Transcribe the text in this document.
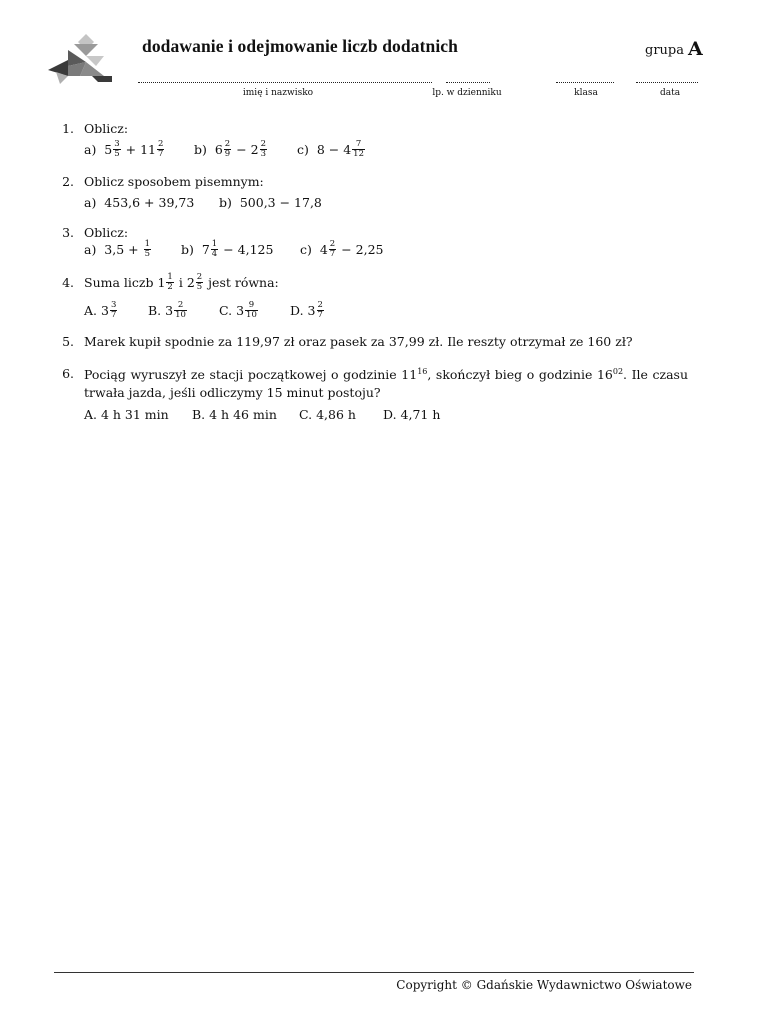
dodawanie i odejmowanie liczb dodatnich	grupa A
imię i nazwisko	lp. w dzienniku	klasa	data
1. Oblicz:
a) $5 \frac{3}{5} + 11 \frac{2}{7} b$) $6 \frac{2}{9} - 2 \frac{2}{3} c$) $8 - 4 \frac{7}{12}$
2. Oblicz sposobem pisemnym:
a) 453,6 + 39,73 b) 500,3 − 17,8
3. Oblicz:
a) $3,5 + \frac{1}{5} b$) $7 \frac{1}{4} - 4,125$ c) $4 \frac{2}{7} - 2,25$
4. Suma liczb $1 \frac{1}{2}$ i $2 \frac{2}{5}$ jest równa:
A. $3 \frac{3}{7} B$. $3 \frac{2}{10}$	C. $3 \frac{9}{10}$	D. $3 \frac{2}{7}$
5. Marek kupił spodnie za 119,97 zł oraz pasek za 37,99 zł. Ile reszty otrzymał ze 160 zł?
6. Pociąg wyruszył ze stacji początkowej o godzinie $11^{16}$, skończył bieg o godzinie $16^{02}$. Ile czasu trwała jazda, jeśli odliczymy 15 minut postoju?
A. 4 h 31 min B. 4 h 46 min C. 4,86 h D. 4,71 h
Copyright © Gdańskie Wydawnictwo Oświatowe
